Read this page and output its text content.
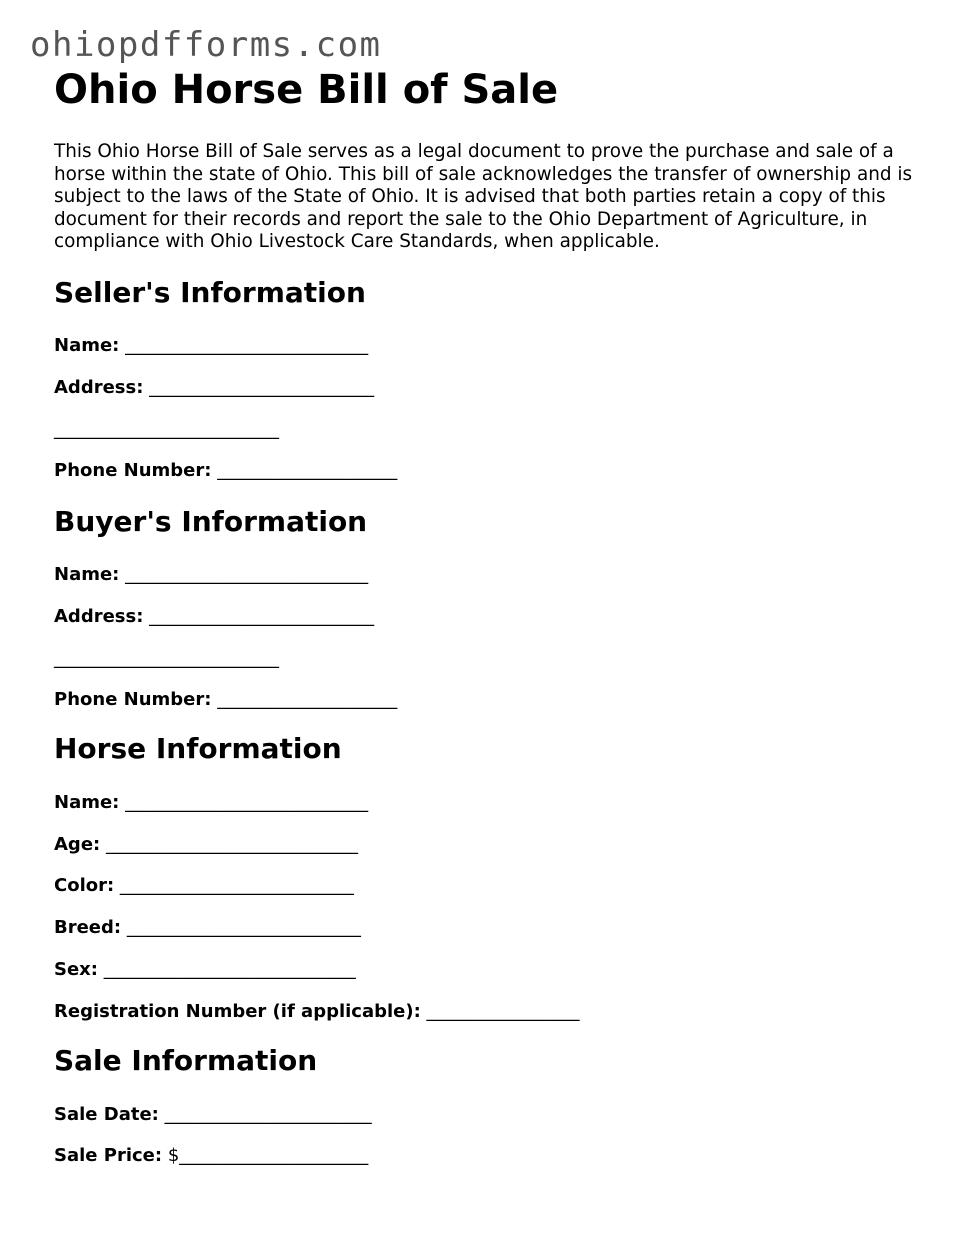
ohiopdfforms.com
Ohio Horse Bill of Sale

This Ohio Horse Bill of Sale serves as a legal document to prove the purchase and sale of a horse within the state of Ohio. This bill of sale acknowledges the transfer of ownership and is subject to the laws of the State of Ohio. It is advised that both parties retain a copy of this document for their records and report the sale to the Ohio Department of Agriculture, in compliance with Ohio Livestock Care Standards, when applicable.

Seller's Information

Name: ___________________________

Address: _________________________

_________________________

Phone Number: ____________________

Buyer's Information

Name: ___________________________

Address: _________________________

_________________________

Phone Number: ____________________

Horse Information

Name: ___________________________

Age: ____________________________

Color: __________________________

Breed: __________________________

Sex: ____________________________

Registration Number (if applicable): _________________

Sale Information

Sale Date: _______________________

Sale Price: $_____________________
